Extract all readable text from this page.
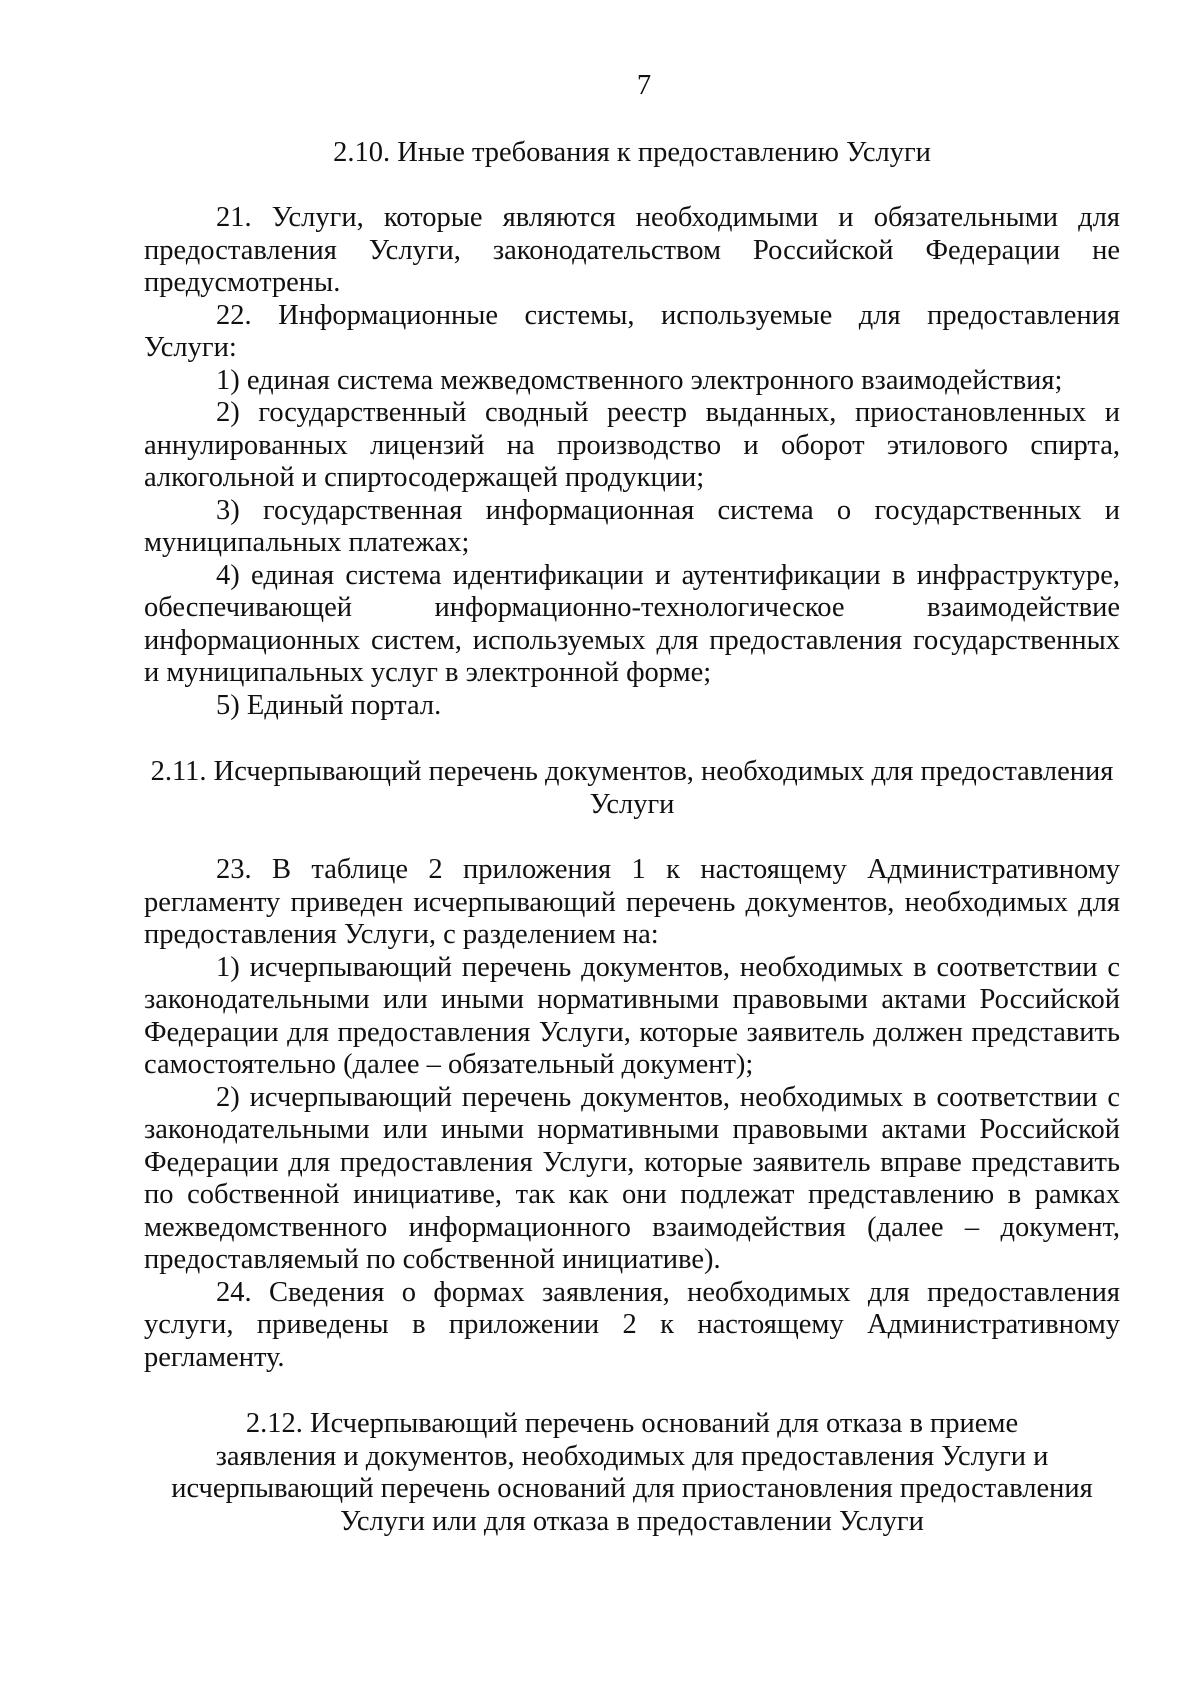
7
2.10. Иные требования к предоставлению Услуги

21. Услуги, которые являются необходимыми и обязательными для предоставления Услуги, законодательством Российской Федерации не предусмотрены.

22. Информационные системы, используемые для предоставления Услуги:

1) единая система межведомственного электронного взаимодействия;

2) государственный сводный реестр выданных, приостановленных и аннулированных лицензий на производство и оборот этилового спирта, алкогольной и спиртосодержащей продукции;

3) государственная информационная система о государственных и муниципальных платежах;

4) единая система идентификации и аутентификации в инфраструктуре, обеспечивающей информационно-технологическое взаимодействие информационных систем, используемых для предоставления государственных и муниципальных услуг в электронной форме;

5) Единый портал.

2.11. Исчерпывающий перечень документов, необходимых для предоставления
Услуги

23. В таблице 2 приложения 1 к настоящему Административному регламенту приведен исчерпывающий перечень документов, необходимых для предоставления Услуги, с разделением на:

1) исчерпывающий перечень документов, необходимых в соответствии с законодательными или иными нормативными правовыми актами Российской Федерации для предоставления Услуги, которые заявитель должен представить самостоятельно (далее – обязательный документ);

2) исчерпывающий перечень документов, необходимых в соответствии с законодательными или иными нормативными правовыми актами Российской Федерации для предоставления Услуги, которые заявитель вправе представить по собственной инициативе, так как они подлежат представлению в рамках межведомственного информационного взаимодействия (далее – документ, предоставляемый по собственной инициативе).

24. Сведения о формах заявления, необходимых для предоставления услуги, приведены в приложении 2 к настоящему Административному регламенту.

2.12. Исчерпывающий перечень оснований для отказа в приеме
заявления и документов, необходимых для предоставления Услуги и
исчерпывающий перечень оснований для приостановления предоставления
Услуги или для отказа в предоставлении Услуги
